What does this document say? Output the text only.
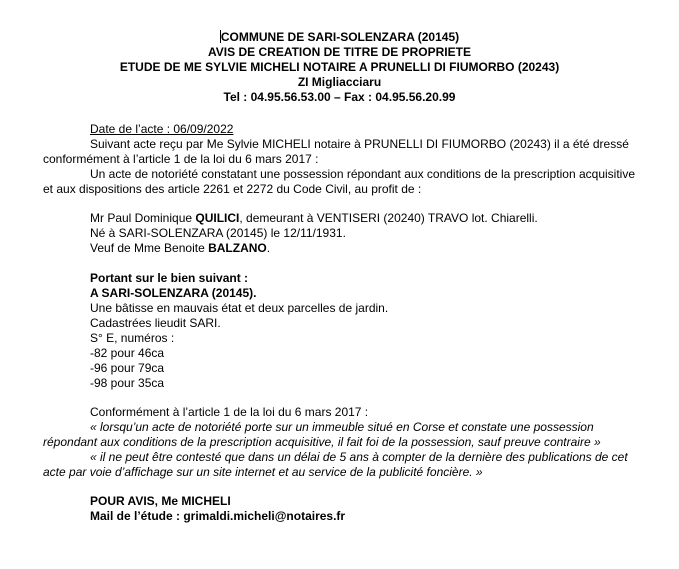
COMMUNE DE SARI-SOLENZARA (20145)
AVIS DE CREATION DE TITRE DE PROPRIETE
ETUDE DE ME SYLVIE MICHELI NOTAIRE A PRUNELLI DI FIUMORBO (20243)
ZI Migliacciaru
Tel : 04.95.56.53.00 – Fax : 04.95.56.20.99
Date de l’acte : 06/09/2022
Suivant acte reçu par Me Sylvie MICHELI notaire à PRUNELLI DI FIUMORBO (20243) il a été dressé
conformément à l’article 1 de la loi du 6 mars 2017 :
Un acte de notoriété constatant une possession répondant aux conditions de la prescription acquisitive
et aux dispositions des article 2261 et 2272 du Code Civil, au profit de :
Mr Paul Dominique QUILICI, demeurant à VENTISERI (20240) TRAVO lot. Chiarelli.
Né à SARI-SOLENZARA (20145) le 12/11/1931.
Veuf de Mme Benoite BALZANO.
Portant sur le bien suivant :
A SARI-SOLENZARA (20145).
Une bâtisse en mauvais état et deux parcelles de jardin.
Cadastrées lieudit SARI.
S° E, numéros :
-82 pour 46ca
-96 pour 79ca
-98 pour 35ca
Conformément à l’article 1 de la loi du 6 mars 2017 :
« lorsqu’un acte de notoriété porte sur un immeuble situé en Corse et constate une possession
répondant aux conditions de la prescription acquisitive, il fait foi de la possession, sauf preuve contraire »
« il ne peut être contesté que dans un délai de 5 ans à compter de la dernière des publications de cet
acte par voie d’affichage sur un site internet et au service de la publicité foncière. »
POUR AVIS, Me MICHELI
Mail de l’étude : grimaldi.micheli@notaires.fr
